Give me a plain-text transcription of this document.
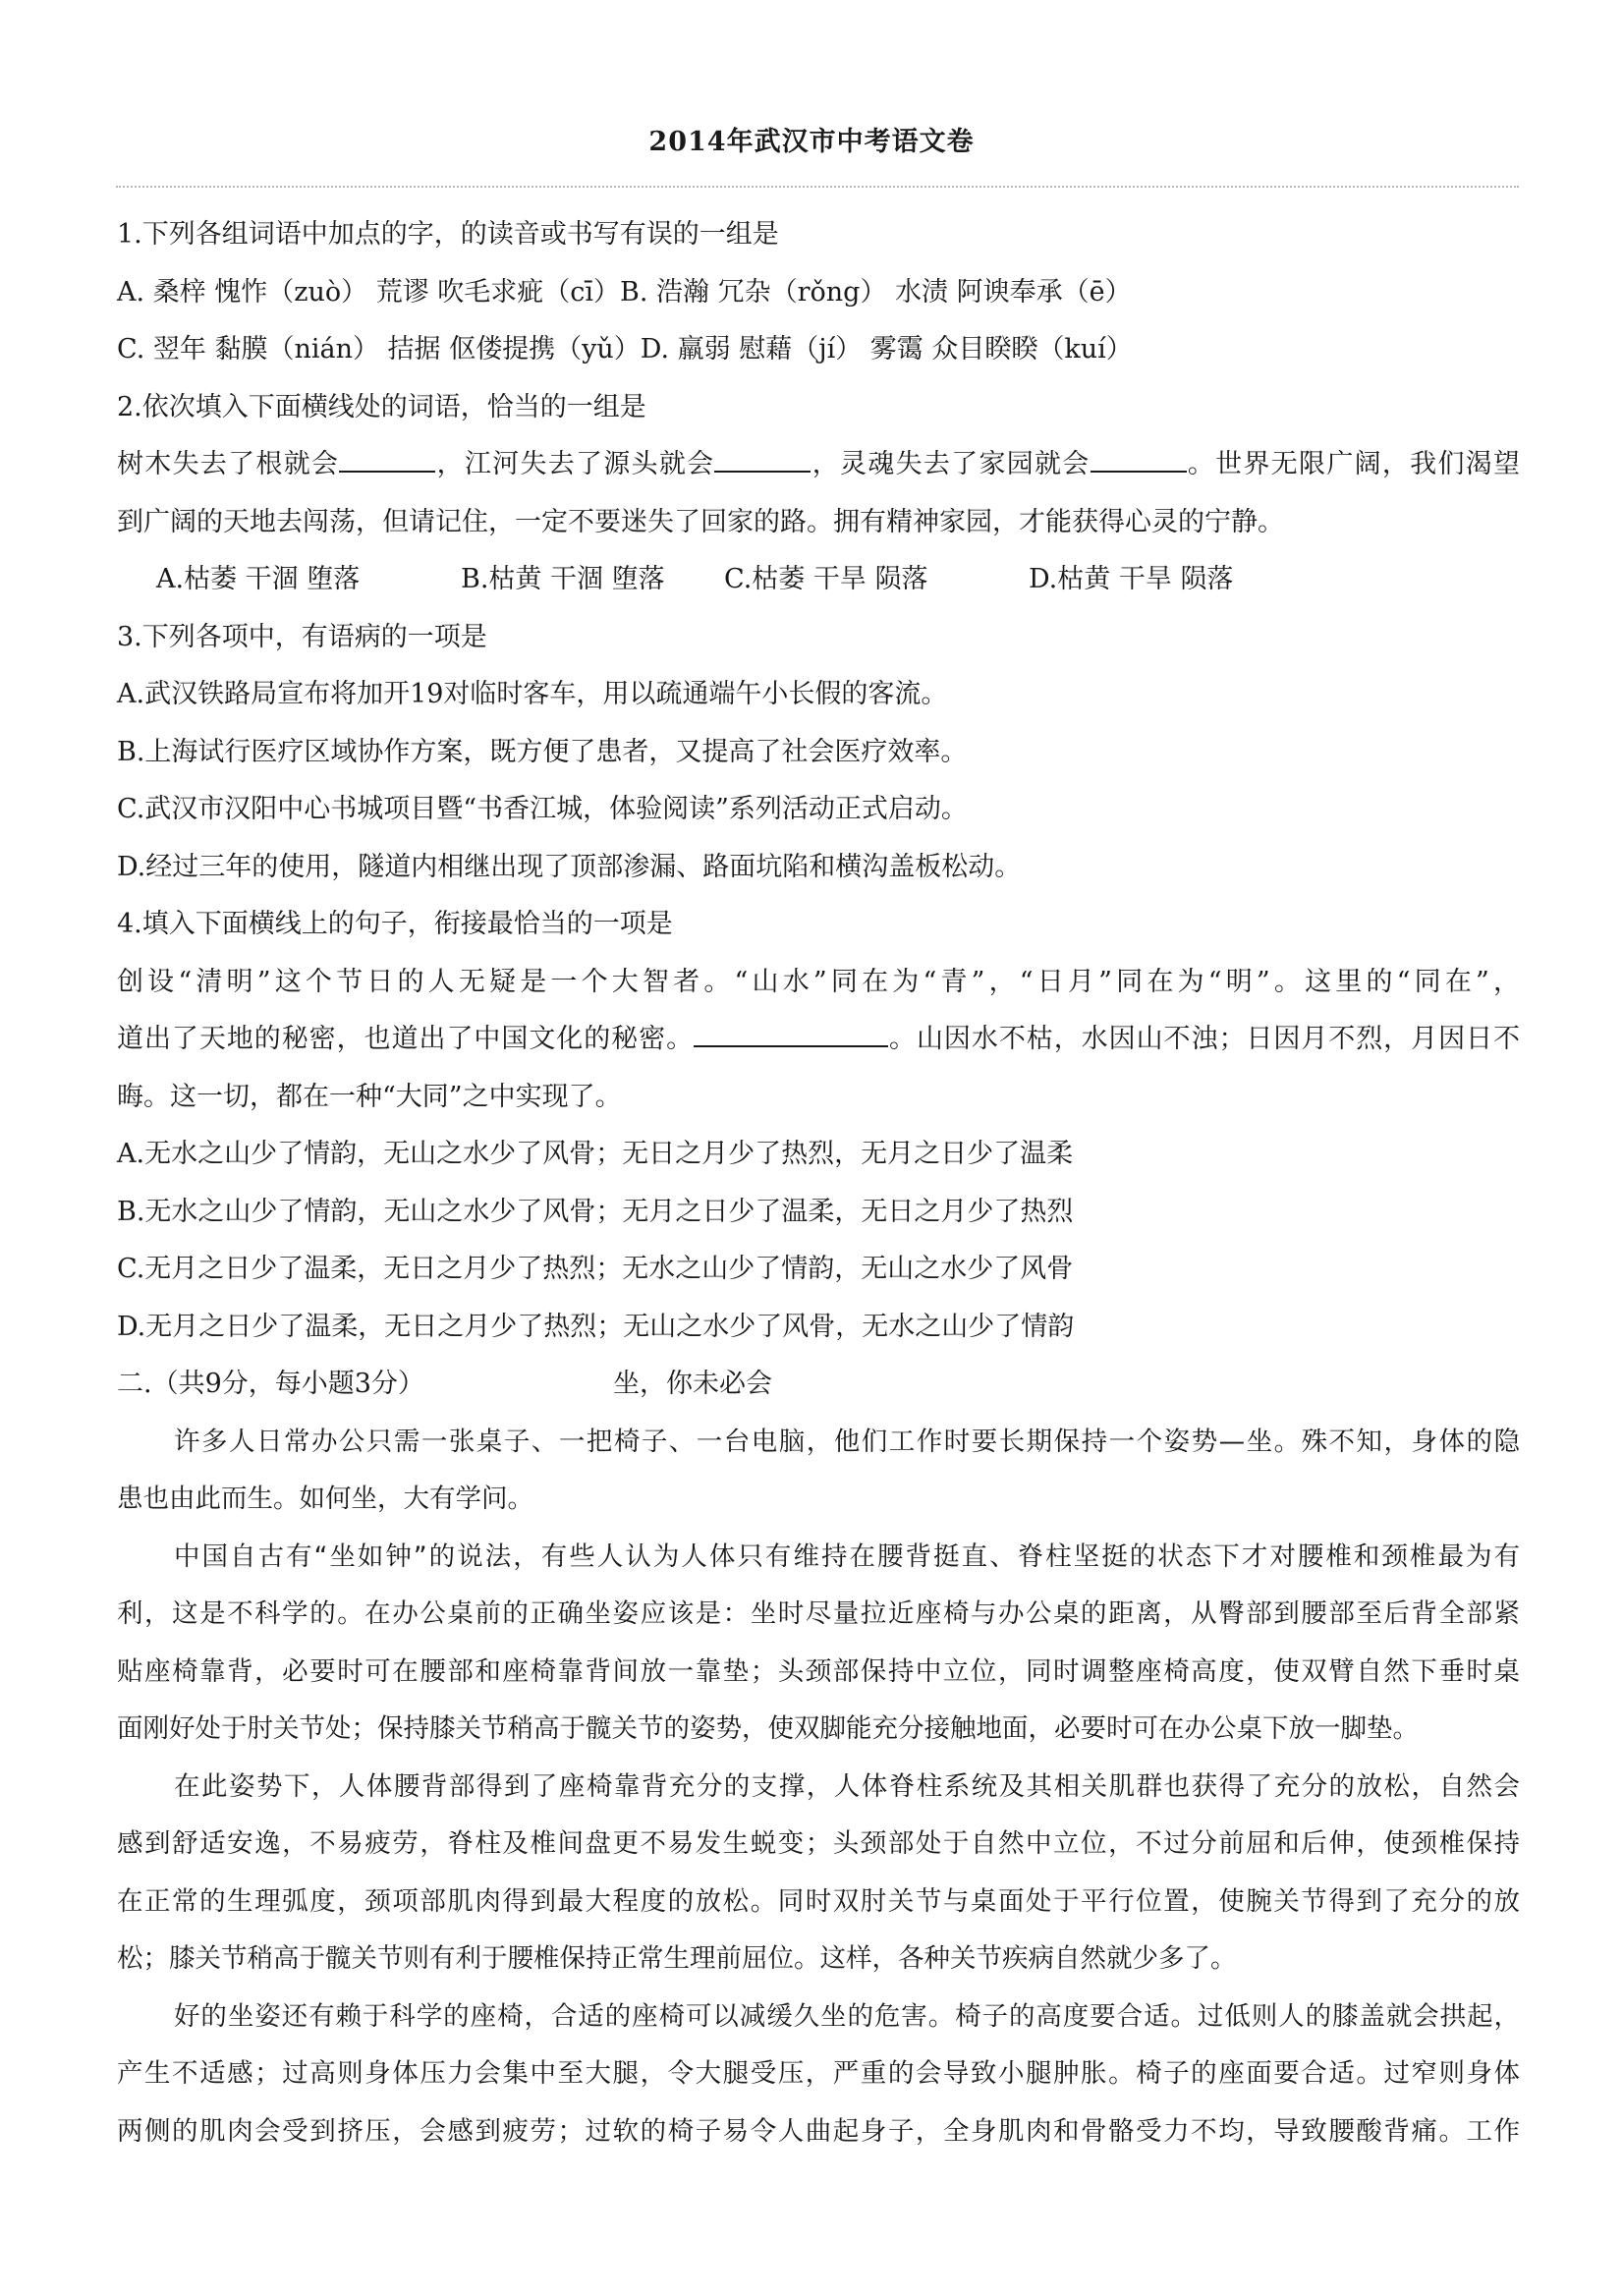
2014年武汉市中考语文卷
1.下列各组词语中加点的字，的读音或书写有误的一组是
A. 桑梓 愧怍（zuò） 荒谬 吹毛求疵（cī）B. 浩瀚 冗杂（rǒng） 水渍 阿谀奉承（ē）
C. 翌年 黏膜（nián） 拮据 伛偻提携（yǔ）D. 羸弱 慰藉（jí） 雾霭 众目睽睽（kuí）
2.依次填入下面横线处的词语，恰当的一组是
树木失去了根就会	，江河失去了源头就会	，灵魂失去了家园就会	。世界无限广阔，我们渴望
到广阔的天地去闯荡，但请记住，一定不要迷失了回家的路。拥有精神家园，才能获得心灵的宁静。
A.枯萎 干涸 堕落	B.枯黄 干涸 堕落 C.枯萎 干旱 陨落	D.枯黄 干旱 陨落
3.下列各项中，有语病的一项是
A.武汉铁路局宣布将加开19对临时客车，用以疏通端午小长假的客流。
B.上海试行医疗区域协作方案，既方便了患者，又提高了社会医疗效率。
C.武汉市汉阳中心书城项目暨“书香江城，体验阅读”系列活动正式启动。
D.经过三年的使用，隧道内相继出现了顶部渗漏、路面坑陷和横沟盖板松动。
4.填入下面横线上的句子，衔接最恰当的一项是
创设“清明”这个节日的人无疑是一个大智者。“山水”同在为“青”，“日月”同在为“明”。这里的“同在”，
道出了天地的秘密，也道出了中国文化的秘密。	。山因水不枯，水因山不浊；日因月不烈，月因日不
晦。这一切，都在一种“大同”之中实现了。
A.无水之山少了情韵，无山之水少了风骨；无日之月少了热烈，无月之日少了温柔
B.无水之山少了情韵，无山之水少了风骨；无月之日少了温柔，无日之月少了热烈
C.无月之日少了温柔，无日之月少了热烈；无水之山少了情韵，无山之水少了风骨
D.无月之日少了温柔，无日之月少了热烈；无山之水少了风骨，无水之山少了情韵
二.（共9分，每小题3分）	坐，你未必会
许多人日常办公只需一张桌子、一把椅子、一台电脑，他们工作时要长期保持一个姿势—坐。殊不知，身体的隐
患也由此而生。如何坐，大有学问。
中国自古有“坐如钟”的说法，有些人认为人体只有维持在腰背挺直、脊柱坚挺的状态下才对腰椎和颈椎最为有
利，这是不科学的。在办公桌前的正确坐姿应该是：坐时尽量拉近座椅与办公桌的距离，从臀部到腰部至后背全部紧
贴座椅靠背，必要时可在腰部和座椅靠背间放一靠垫；头颈部保持中立位，同时调整座椅高度，使双臂自然下垂时桌
面刚好处于肘关节处；保持膝关节稍高于髋关节的姿势，使双脚能充分接触地面，必要时可在办公桌下放一脚垫。
在此姿势下，人体腰背部得到了座椅靠背充分的支撑，人体脊柱系统及其相关肌群也获得了充分的放松，自然会
感到舒适安逸，不易疲劳，脊柱及椎间盘更不易发生蜕变；头颈部处于自然中立位，不过分前屈和后伸，使颈椎保持
在正常的生理弧度，颈项部肌肉得到最大程度的放松。同时双肘关节与桌面处于平行位置，使腕关节得到了充分的放
松；膝关节稍高于髋关节则有利于腰椎保持正常生理前屈位。这样，各种关节疾病自然就少多了。
好的坐姿还有赖于科学的座椅，合适的座椅可以减缓久坐的危害。椅子的高度要合适。过低则人的膝盖就会拱起，
产生不适感；过高则身体压力会集中至大腿，令大腿受压，严重的会导致小腿肿胀。椅子的座面要合适。过窄则身体
两侧的肌肉会受到挤压，会感到疲劳；过软的椅子易令人曲起身子，全身肌肉和骨骼受力不均，导致腰酸背痛。工作
